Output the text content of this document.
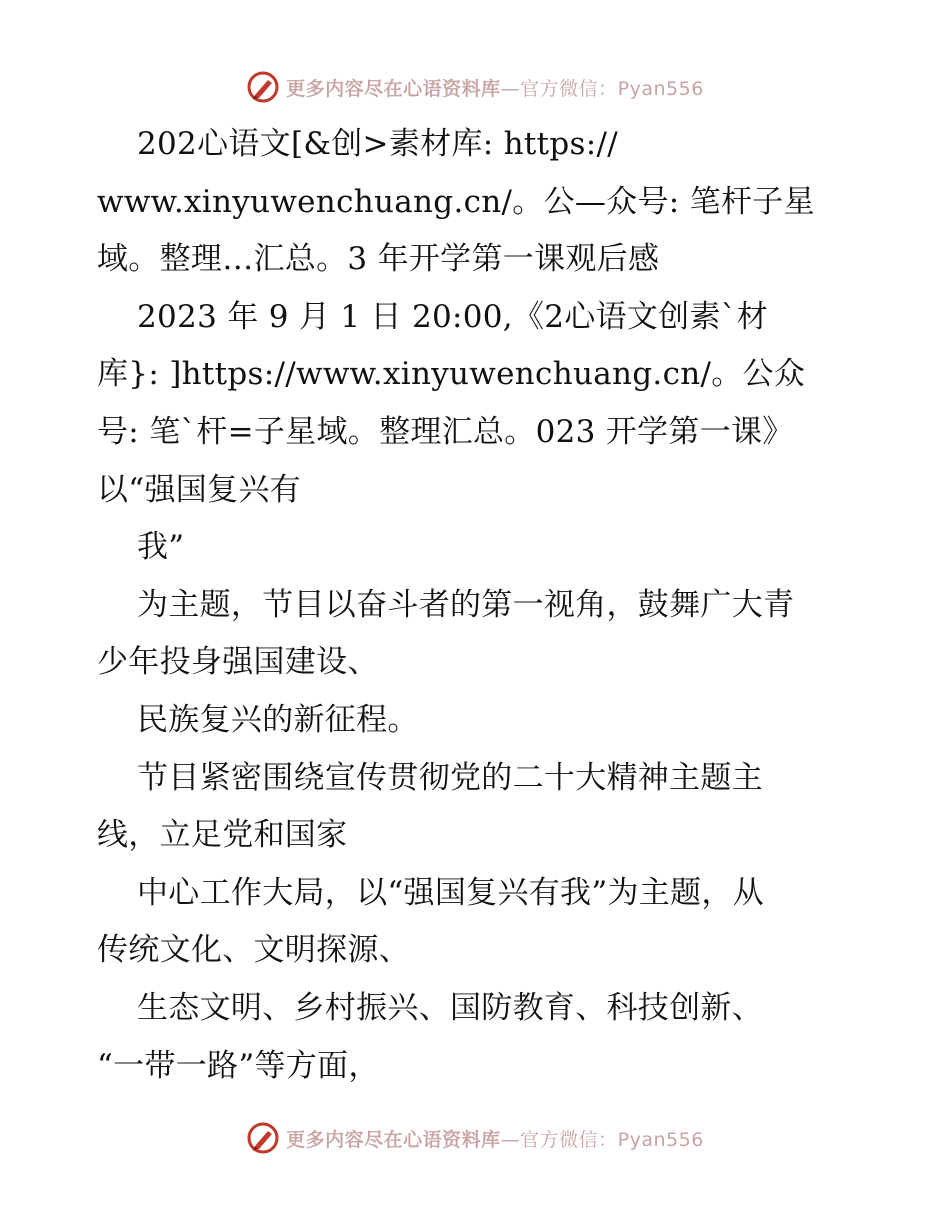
更多内容尽在心语资料库—官方微信：Pyan556
202心语文[&创>素材库: https://
www.xinyuwenchuang.cn/。公—众号: 笔杆子星
域。整理…汇总。3 年开学第一课观后感
2023 年 9 月 1 日 20:00,《2心语文创素`材
库}: ]https://www.xinyuwenchuang.cn/。公众
号: 笔`杆=子星域。整理汇总。023 开学第一课》
以“强国复兴有
我”
为主题，节目以奋斗者的第一视角，鼓舞广大青
少年投身强国建设、
民族复兴的新征程。
节目紧密围绕宣传贯彻党的二十大精神主题主
线，立足党和国家
中心工作大局，以“强国复兴有我”为主题，从
传统文化、文明探源、
生态文明、乡村振兴、国防教育、科技创新、
“一带一路”等方面，
更多内容尽在心语资料库—官方微信：Pyan556
